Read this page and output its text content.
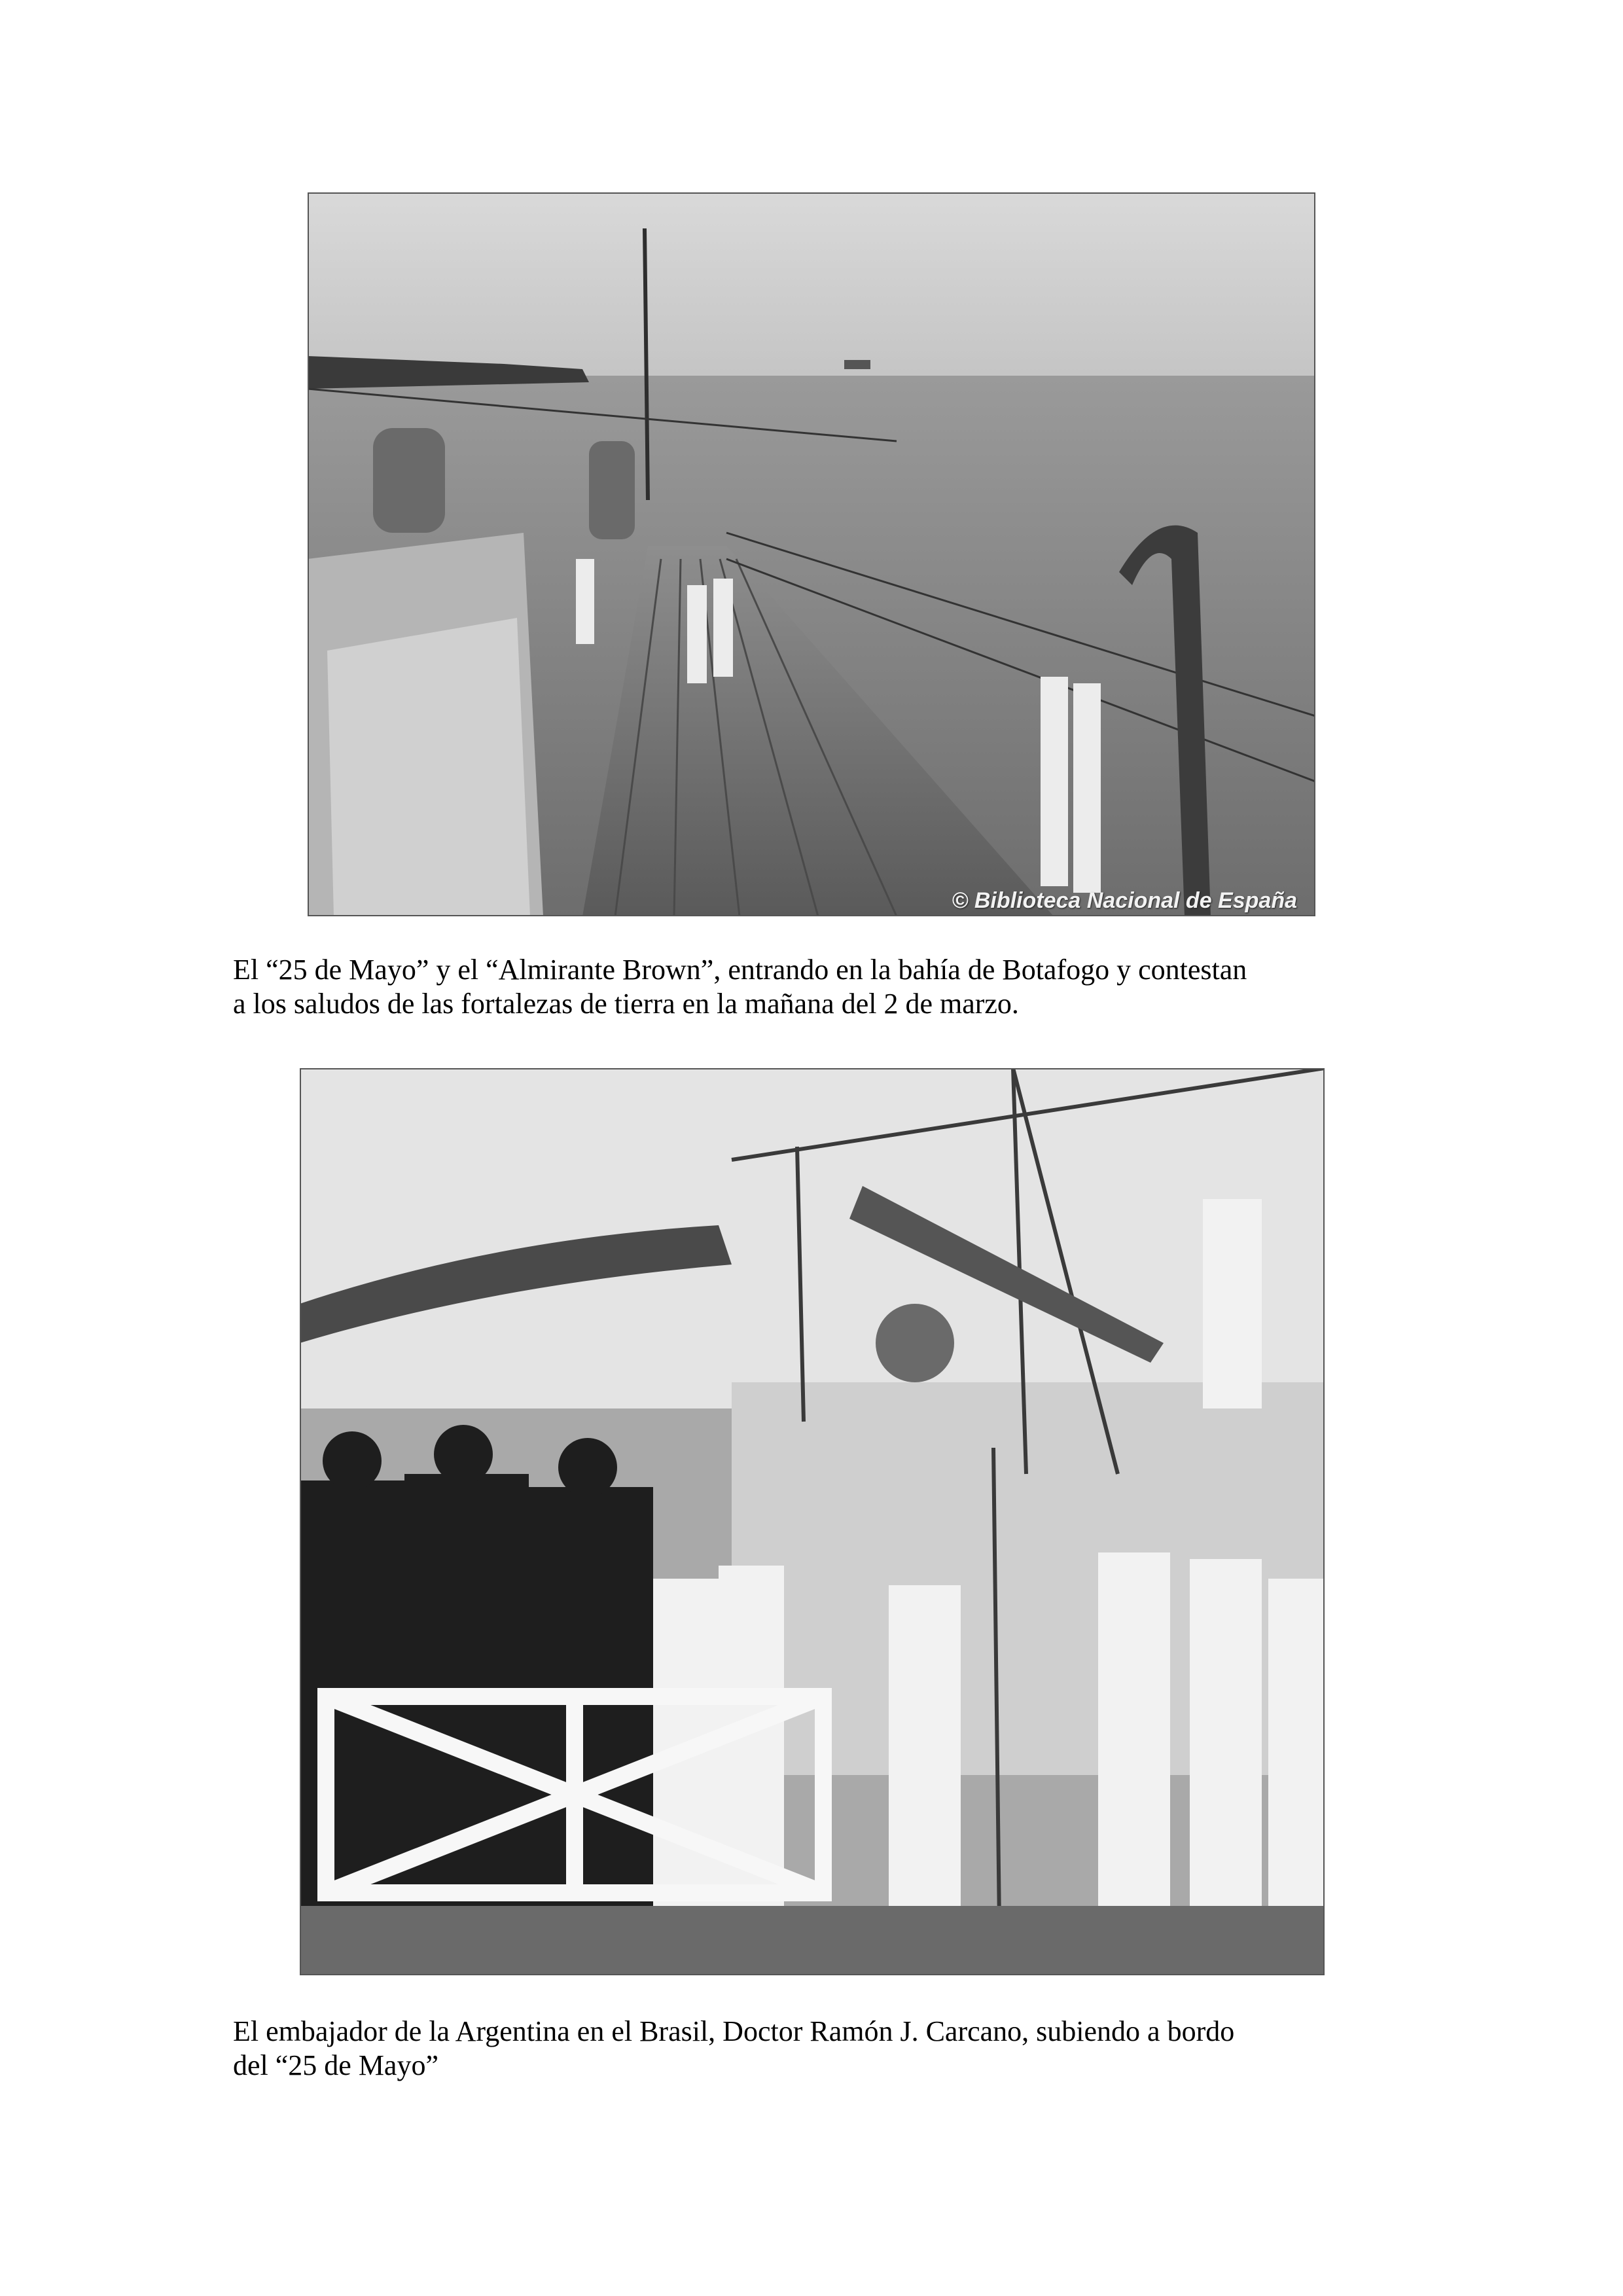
© Biblioteca Nacional de España
El “25 de Mayo” y el “Almirante Brown”, entrando en la bahía de Botafogo y contestan
a los saludos de las fortalezas de tierra en la mañana del 2 de marzo.
El embajador de la Argentina en el Brasil, Doctor Ramón J. Carcano, subiendo a bordo
del “25 de Mayo”
